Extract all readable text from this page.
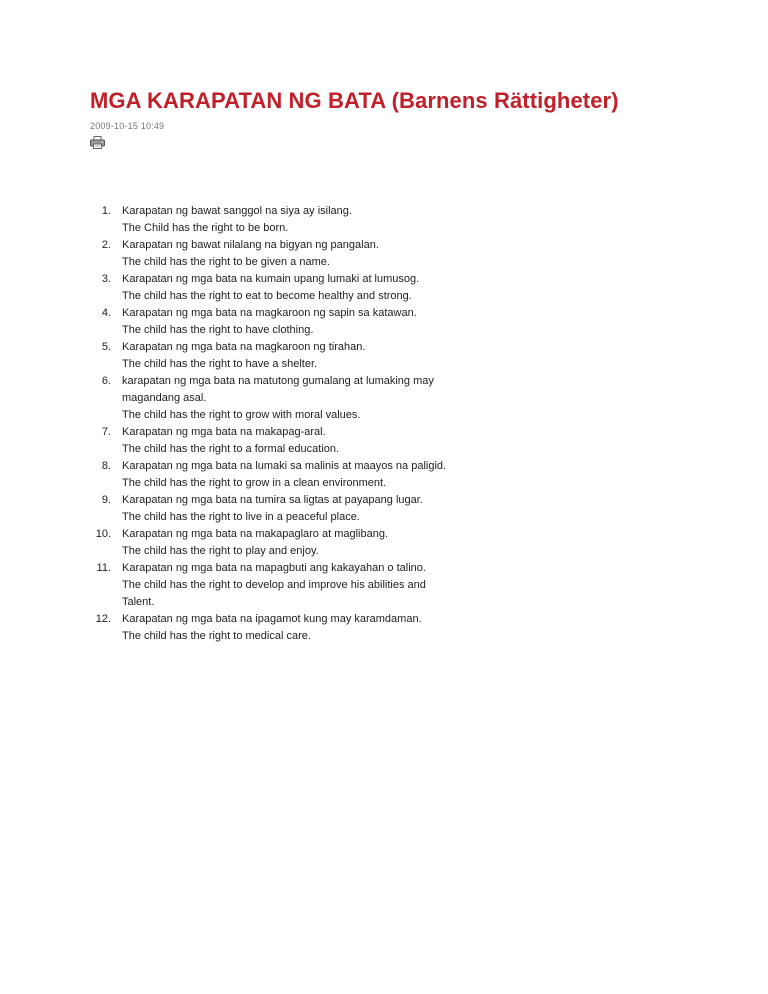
MGA KARAPATAN NG BATA (Barnens Rättigheter)
2009-10-15 10:49
1. Karapatan ng bawat sanggol na siya ay isilang.
The Child has the right to be born.
2. Karapatan ng bawat nilalang na bigyan ng pangalan.
The child has the right to be given a name.
3. Karapatan ng mga bata na kumain upang lumaki at lumusog.
The child has the right to eat to become healthy and strong.
4. Karapatan ng mga bata na magkaroon ng sapin sa katawan.
The child has the right to have clothing.
5. Karapatan ng mga bata na magkaroon ng tirahan.
The child has the right to have a shelter.
6. karapatan ng mga bata na matutong gumalang at lumaking may
magandang asal.
The child has the right to grow with moral values.
7. Karapatan ng mga bata na makapag-aral.
The child has the right to a formal education.
8. Karapatan ng mga bata na lumaki sa malinis at maayos na paligid.
The child has the right to grow in a clean environment.
9. Karapatan ng mga bata na tumira sa ligtas at payapang lugar.
The child has the right to live in a peaceful place.
10. Karapatan ng mga bata na makapaglaro at maglibang.
The child has the right to play and enjoy.
11. Karapatan ng mga bata na mapagbuti ang kakayahan o talino.
The child has the right to develop and improve his abilities and
Talent.
12. Karapatan ng mga bata na ipagamot kung may karamdaman.
The child has the right to medical care.
